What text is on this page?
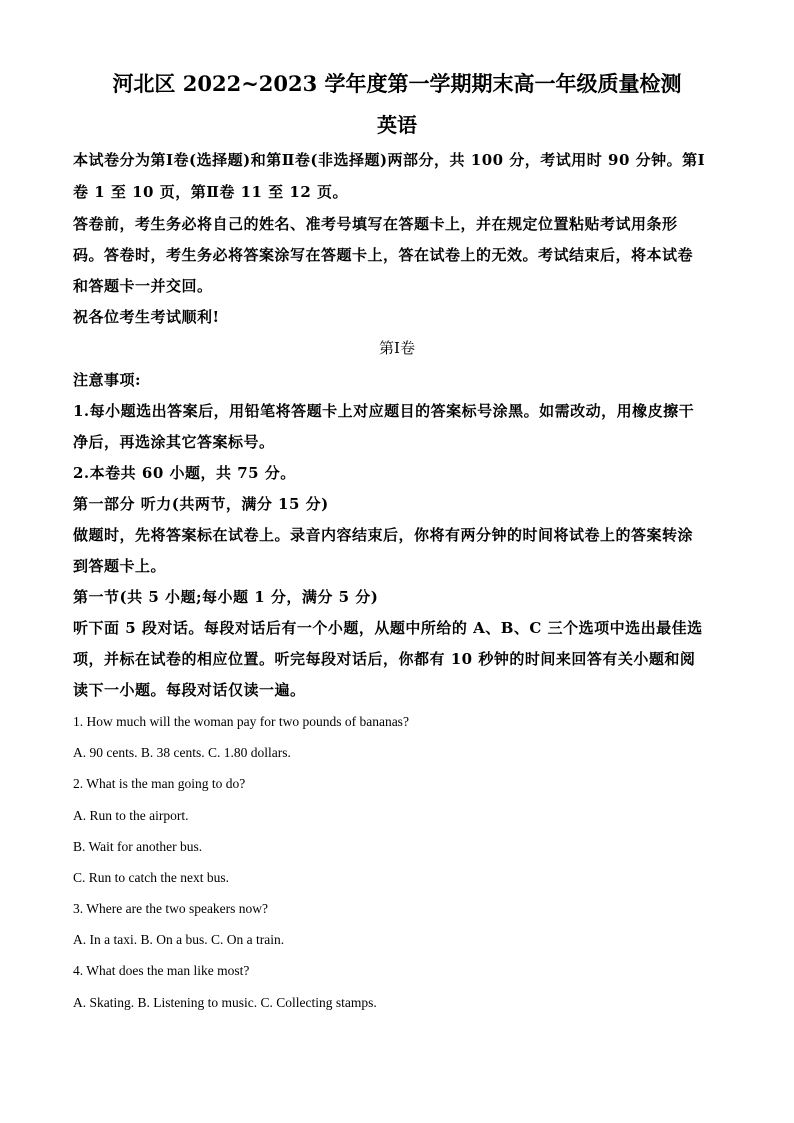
河北区 2022~2023 学年度第一学期期末高一年级质量检测
英语
本试卷分为第Ⅰ卷(选择题)和第Ⅱ卷(非选择题)两部分，共 100 分，考试用时 90 分钟。第Ⅰ
卷 1 至 10 页，第Ⅱ卷 11 至 12 页。
答卷前，考生务必将自己的姓名、准考号填写在答题卡上，并在规定位置粘贴考试用条形
码。答卷时，考生务必将答案涂写在答题卡上，答在试卷上的无效。考试结束后，将本试卷
和答题卡一并交回。
祝各位考生考试顺利!
第Ⅰ卷
注意事项:
1.每小题选出答案后，用铅笔将答题卡上对应题目的答案标号涂黑。如需改动，用橡皮擦干
净后，再选涂其它答案标号。
2.本卷共 60 小题，共 75 分。
第一部分 听力(共两节，满分 15 分)
做题时，先将答案标在试卷上。录音内容结束后，你将有两分钟的时间将试卷上的答案转涂
到答题卡上。
第一节(共 5 小题;每小题 1 分，满分 5 分)
听下面 5 段对话。每段对话后有一个小题，从题中所给的 A、B、C 三个选项中选出最佳选
项，并标在试卷的相应位置。听完每段对话后，你都有 10 秒钟的时间来回答有关小题和阅
读下一小题。每段对话仅读一遍。
1. How much will the woman pay for two pounds of bananas?
A. 90 cents. B. 38 cents. C. 1.80 dollars.
2. What is the man going to do?
A. Run to the airport.
B. Wait for another bus.
C. Run to catch the next bus.
3. Where are the two speakers now?
A. In a taxi. B. On a bus. C. On a train.
4. What does the man like most?
A. Skating. B. Listening to music. C. Collecting stamps.
